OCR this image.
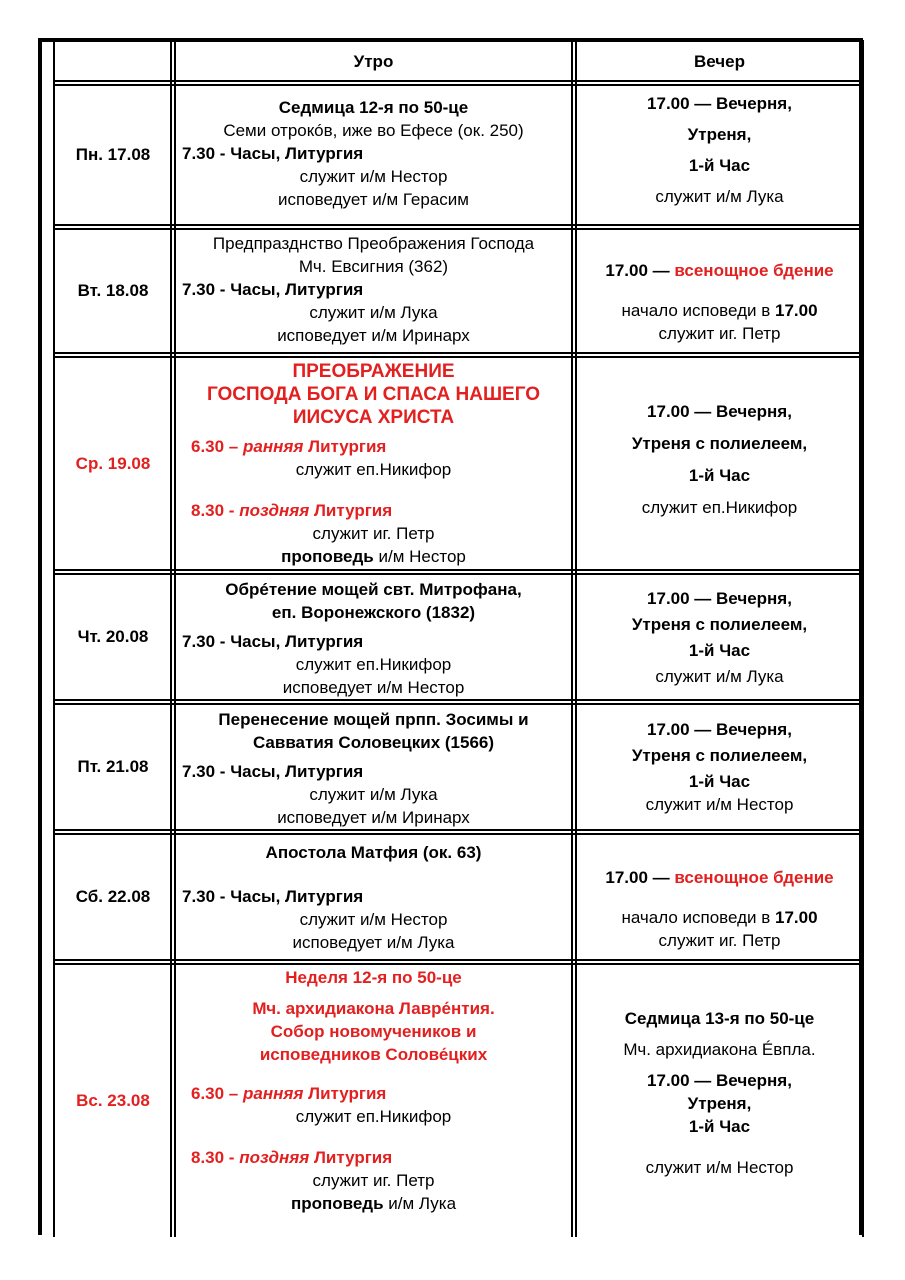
Утро	Вечер
Пн. 17.08
Седмица 12-я по 50-це
Семи отрокóв, иже во Ефесе (ок. 250)
7.30 - Часы, Литургия
служит и/м Нестор
исповедует и/м Герасим
17.00 — Вечерня,
Утреня,
1-й Час
служит и/м Лука
Вт. 18.08
Предпразднство Преображения Господа
Мч. Евсигния (362)
7.30 - Часы, Литургия
служит и/м Лука
исповедует и/м Иринарх
17.00 — всенощное бдение
начало исповеди в 17.00
служит иг. Петр
Ср. 19.08
ПРЕОБРАЖЕНИЕ
ГОСПОДА БОГА И СПАСА НАШЕГО
ИИСУСА ХРИСТА
6.30 – ранняя Литургия
служит еп.Никифор
8.30 - поздняя Литургия
служит иг. Петр
проповедь и/м Нестор
17.00 — Вечерня,
Утреня с полиелеем,
1-й Час
служит еп.Никифор
Чт. 20.08
Обрéтение мощей свт. Митрофана,
еп. Воронежского (1832)
7.30 - Часы, Литургия
служит еп.Никифор
исповедует и/м Нестор
17.00 — Вечерня,
Утреня с полиелеем,
1-й Час
служит и/м Лука
Пт. 21.08
Перенесение мощей прпп. Зосимы и
Савватия Соловецких (1566)
7.30 - Часы, Литургия
служит и/м Лука
исповедует и/м Иринарх
17.00 — Вечерня,
Утреня с полиелеем,
1-й Час
служит и/м Нестор
Сб. 22.08
Апостола Матфия (ок. 63)
7.30 - Часы, Литургия
служит и/м Нестор
исповедует и/м Лука
17.00 — всенощное бдение
начало исповеди в 17.00
служит иг. Петр
Вс. 23.08
Неделя 12-я по 50-це
Мч. архидиакона Лавре́нтия.
Собор новомучеников и
исповедников Солове́цких
6.30 – ранняя Литургия
служит еп.Никифор
8.30 - поздняя Литургия
служит иг. Петр
проповедь и/м Лука
Седмица 13-я по 50-це
Мч. архидиакона Éвпла.
17.00 — Вечерня,
Утреня,
1-й Час
служит и/м Нестор
